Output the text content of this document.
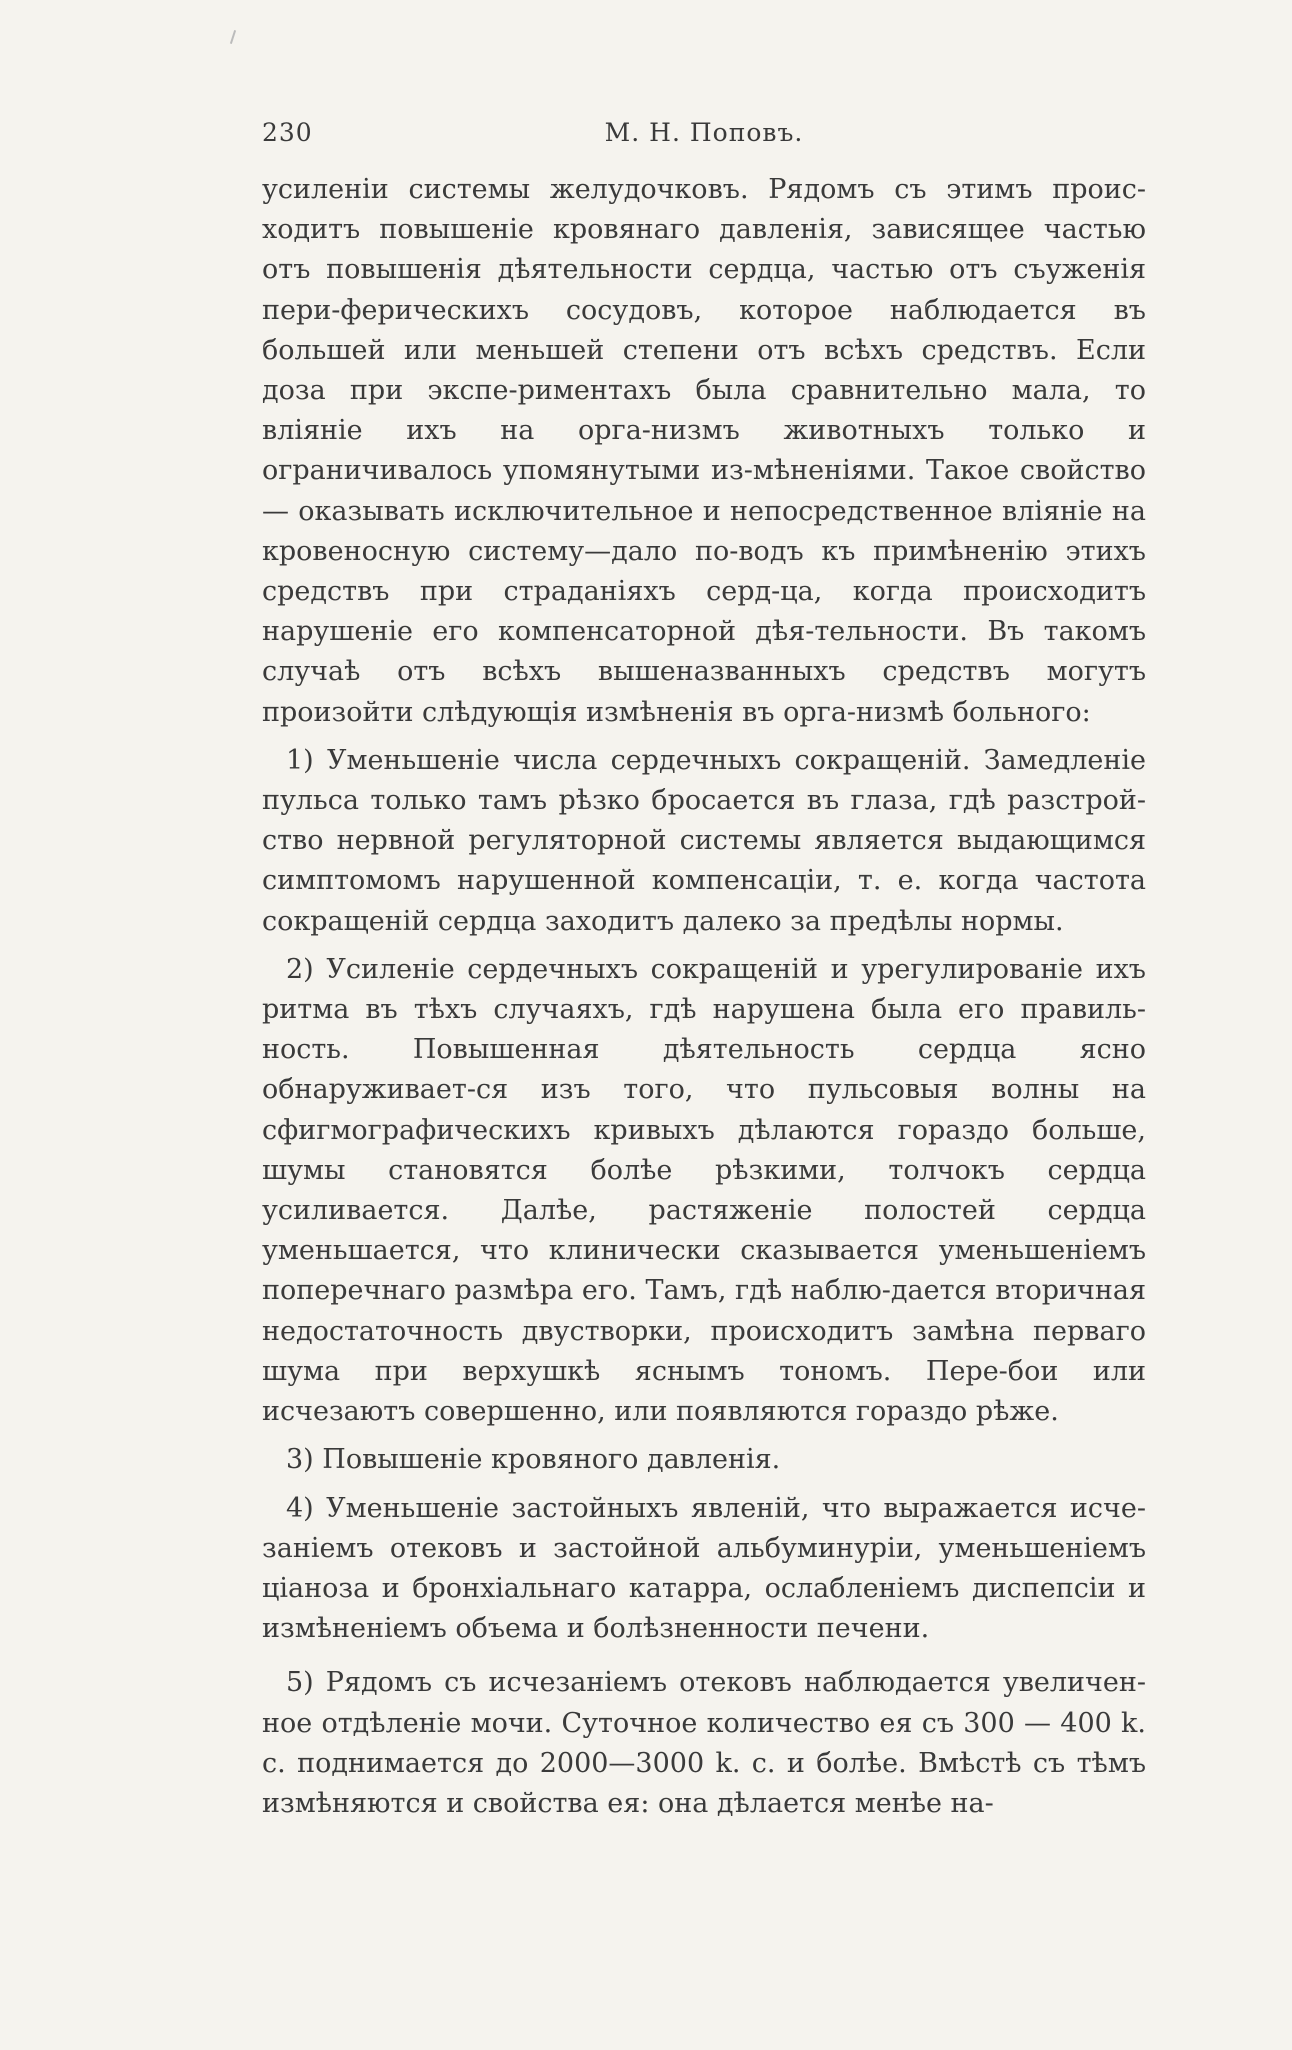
230	М. Н. Поповъ.

усиленіи системы желудочковъ. Рядомъ съ этимъ проис-ходитъ повышеніе кровянаго давленія, зависящее частью отъ повышенія дѣятельности сердца, частью отъ съуженія пери-ферическихъ сосудовъ, которое наблюдается въ большей или меньшей степени отъ всѣхъ средствъ. Если доза при экспе-риментахъ была сравнительно мала, то вліяніе ихъ на орга-низмъ животныхъ только и ограничивалось упомянутыми из-мѣненіями. Такое свойство — оказывать исключительное и непосредственное вліяніе на кровеносную систему—дало по-водъ къ примѣненію этихъ средствъ при страданіяхъ серд-ца, когда происходитъ нарушеніе его компенсаторной дѣя-тельности. Въ такомъ случаѣ отъ всѣхъ вышеназванныхъ средствъ могутъ произойти слѣдующія измѣненія въ орга-низмѣ больного:

1) Уменьшеніе числа сердечныхъ сокращеній. Замедленіе пульса только тамъ рѣзко бросается въ глаза, гдѣ разстрой-ство нервной регуляторной системы является выдающимся симптомомъ нарушенной компенсаціи, т. е. когда частота сокращеній сердца заходитъ далеко за предѣлы нормы.

2) Усиленіе сердечныхъ сокращеній и урегулированіе ихъ ритма въ тѣхъ случаяхъ, гдѣ нарушена была его правиль-ность. Повышенная дѣятельность сердца ясно обнаруживает-ся изъ того, что пульсовыя волны на сфигмографическихъ кривыхъ дѣлаются гораздо больше, шумы становятся болѣе рѣзкими, толчокъ сердца усиливается. Далѣе, растяженіе полостей сердца уменьшается, что клинически сказывается уменьшеніемъ поперечнаго размѣра его. Тамъ, гдѣ наблю-дается вторичная недостаточность двустворки, происходитъ замѣна перваго шума при верхушкѣ яснымъ тономъ. Пере-бои или исчезаютъ совершенно, или появляются гораздо рѣже.

3) Повышеніе кровяного давленія.

4) Уменьшеніе застойныхъ явленій, что выражается исче-заніемъ отековъ и застойной альбуминуріи, уменьшеніемъ ціаноза и бронхіальнаго катарра, ослабленіемъ диспепсіи и измѣненіемъ объема и болѣзненности печени.

5) Рядомъ съ исчезаніемъ отековъ наблюдается увеличен-ное отдѣленіе мочи. Суточное количество ея съ 300 — 400 k. c. поднимается до 2000—3000 k. c. и болѣе. Вмѣстѣ съ тѣмъ измѣняются и свойства ея: она дѣлается менѣе на-
